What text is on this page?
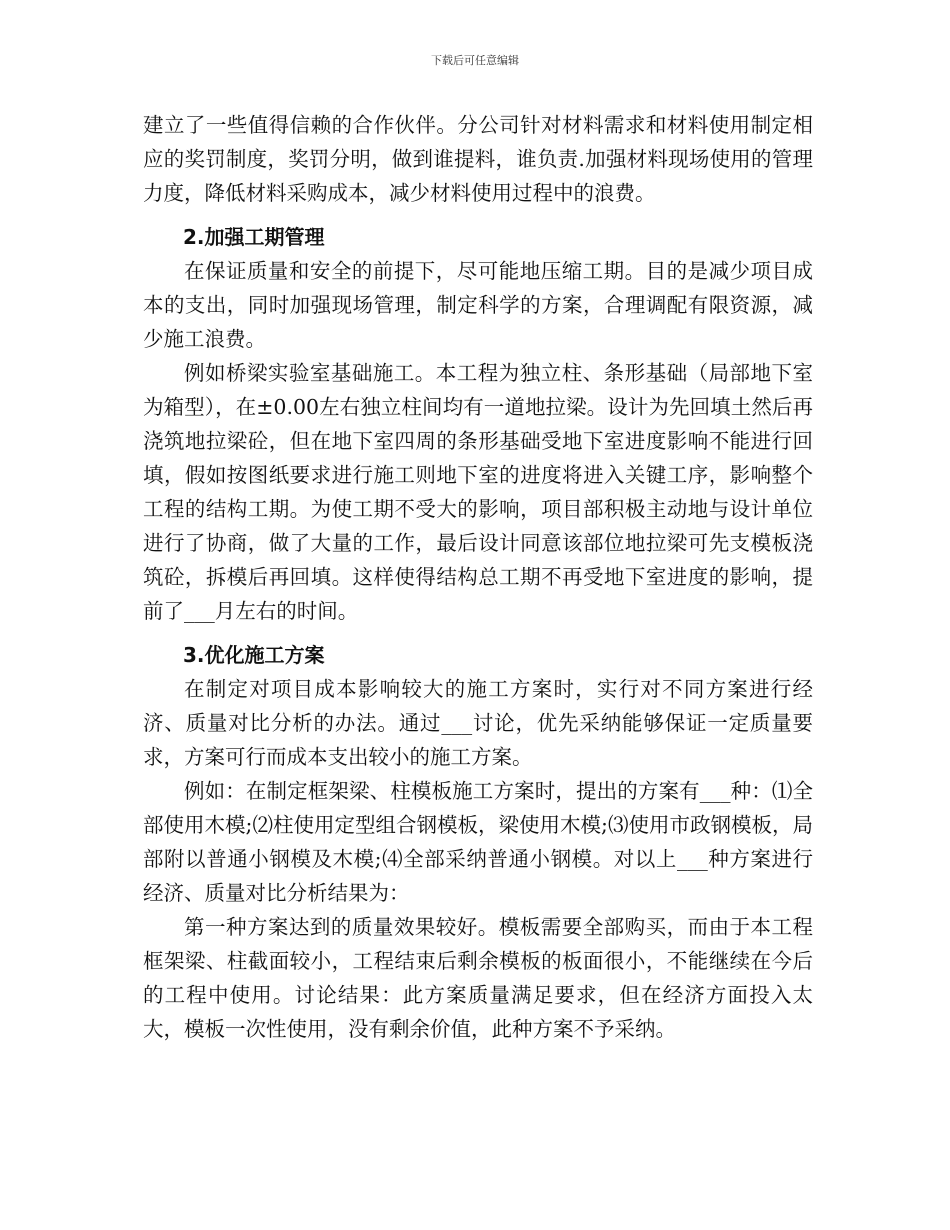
下载后可任意编辑

建立了一些值得信赖的合作伙伴。分公司针对材料需求和材料使用制定相应的奖罚制度，奖罚分明，做到谁提料，谁负责.加强材料现场使用的管理力度，降低材料采购成本，减少材料使用过程中的浪费。

2.加强工期管理

在保证质量和安全的前提下，尽可能地压缩工期。目的是减少项目成本的支出，同时加强现场管理，制定科学的方案，合理调配有限资源，减少施工浪费。

例如桥梁实验室基础施工。本工程为独立柱、条形基础（局部地下室为箱型），在±0.00左右独立柱间均有一道地拉梁。设计为先回填土然后再浇筑地拉梁砼，但在地下室四周的条形基础受地下室进度影响不能进行回填，假如按图纸要求进行施工则地下室的进度将进入关键工序，影响整个工程的结构工期。为使工期不受大的影响，项目部积极主动地与设计单位进行了协商，做了大量的工作，最后设计同意该部位地拉梁可先支模板浇筑砼，拆模后再回填。这样使得结构总工期不再受地下室进度的影响，提前了___月左右的时间。

3.优化施工方案

在制定对项目成本影响较大的施工方案时，实行对不同方案进行经济、质量对比分析的办法。通过___讨论，优先采纳能够保证一定质量要求，方案可行而成本支出较小的施工方案。

例如：在制定框架梁、柱模板施工方案时，提出的方案有___种：⑴全部使用木模;⑵柱使用定型组合钢模板，梁使用木模;⑶使用市政钢模板，局部附以普通小钢模及木模;⑷全部采纳普通小钢模。对以上___种方案进行经济、质量对比分析结果为：

第一种方案达到的质量效果较好。模板需要全部购买，而由于本工程框架梁、柱截面较小，工程结束后剩余模板的板面很小，不能继续在今后的工程中使用。讨论结果：此方案质量满足要求，但在经济方面投入太大，模板一次性使用，没有剩余价值，此种方案不予采纳。
